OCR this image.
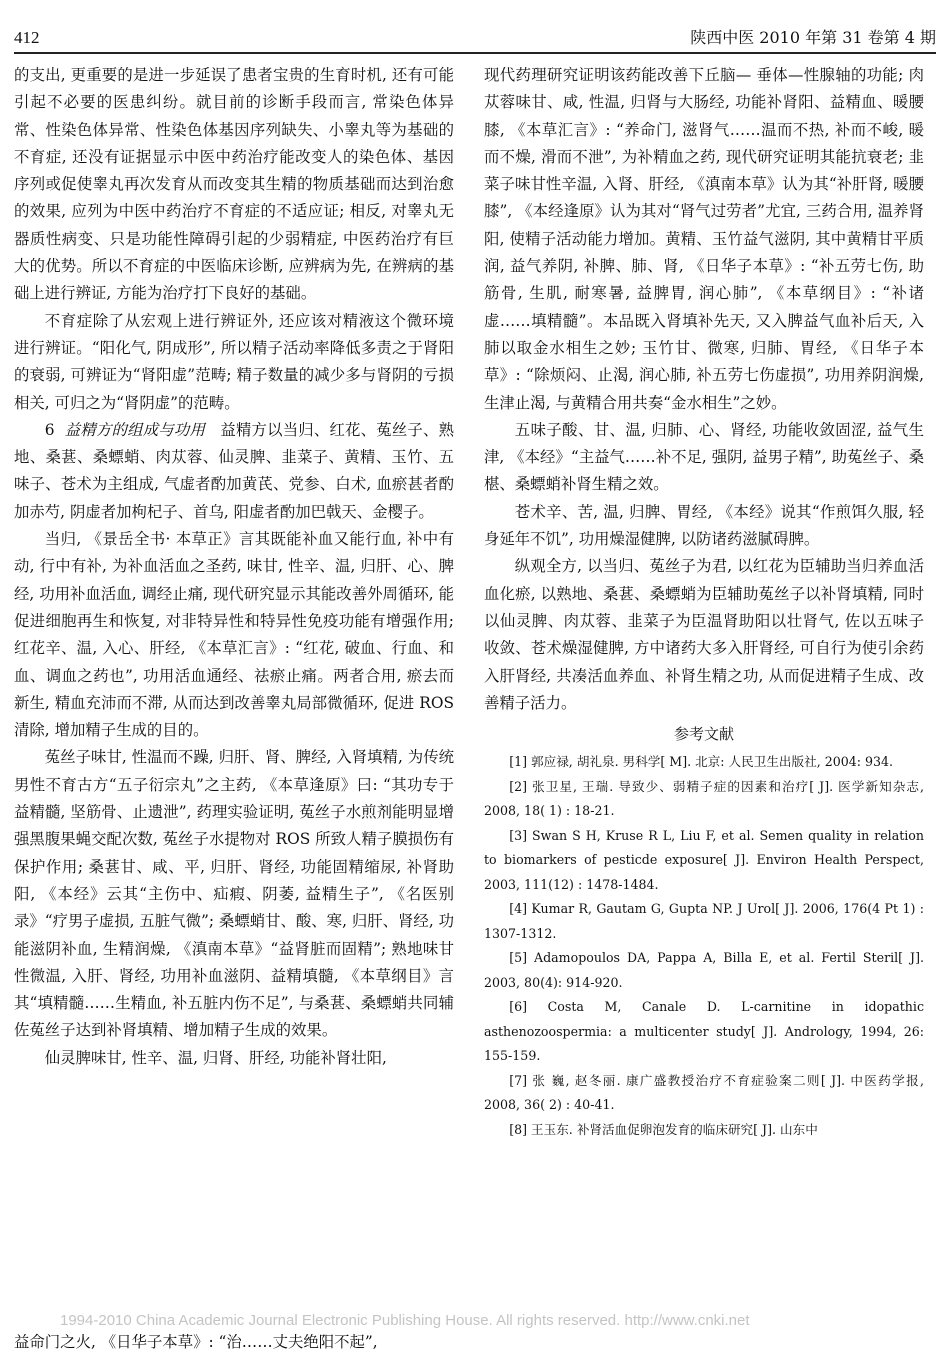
412	陕西中医 2010 年第 31 卷第 4 期

的支出, 更重要的是进一步延误了患者宝贵的生育时机, 还有可能引起不必要的医患纠纷。就目前的诊断手段而言, 常染色体异常、性染色体异常、性染色体基因序列缺失、小睾丸等为基础的不育症, 还没有证据显示中医中药治疗能改变人的染色体、基因序列或促使睾丸再次发育从而改变其生精的物质基础而达到治愈的效果, 应列为中医中药治疗不育症的不适应证; 相反, 对睾丸无器质性病变、只是功能性障碍引起的少弱精症, 中医药治疗有巨大的优势。所以不育症的中医临床诊断, 应辨病为先, 在辨病的基础上进行辨证, 方能为治疗打下良好的基础。

不育症除了从宏观上进行辨证外, 还应该对精液这个微环境进行辨证。“阳化气, 阴成形”, 所以精子活动率降低多责之于肾阳的衰弱, 可辨证为“肾阳虚”范畴; 精子数量的减少多与肾阴的亏损相关, 可归之为“肾阴虚”的范畴。

6 益精方的组成与功用 益精方以当归、红花、菟丝子、熟地、桑葚、桑螵蛸、肉苁蓉、仙灵脾、韭菜子、黄精、玉竹、五味子、苍术为主组成, 气虚者酌加黄芪、党参、白术, 血瘀甚者酌加赤芍, 阴虚者加枸杞子、首乌, 阳虚者酌加巴戟天、金樱子。

当归, 《景岳全书· 本草正》言其既能补血又能行血, 补中有动, 行中有补, 为补血活血之圣药, 味甘, 性辛、温, 归肝、心、脾经, 功用补血活血, 调经止痛, 现代研究显示其能改善外周循环, 能促进细胞再生和恢复, 对非特异性和特异性免疫功能有增强作用; 红花辛、温, 入心、肝经, 《本草汇言》: “红花, 破血、行血、和血、调血之药也”, 功用活血通经、祛瘀止痛。两者合用, 瘀去而新生, 精血充沛而不滞, 从而达到改善睾丸局部微循环, 促进 ROS 清除, 增加精子生成的目的。

菟丝子味甘, 性温而不躁, 归肝、肾、脾经, 入肾填精, 为传统男性不育古方“五子衍宗丸”之主药, 《本草逢原》曰: “其功专于益精髓, 坚筋骨、止遗泄”, 药理实验证明, 菟丝子水煎剂能明显增强黑腹果蝇交配次数, 菟丝子水提物对 ROS 所致人精子膜损伤有保护作用; 桑葚甘、咸、平, 归肝、肾经, 功能固精缩尿, 补肾助阳, 《本经》云其“主伤中、疝瘕、阴萎, 益精生子”, 《名医别录》“疗男子虚损, 五脏气微”; 桑螵蛸甘、酸、寒, 归肝、肾经, 功能滋阴补血, 生精润燥, 《滇南本草》“益肾脏而固精”; 熟地味甘性微温, 入肝、肾经, 功用补血滋阴、益精填髓, 《本草纲目》言其“填精髓……生精血, 补五脏内伤不足”, 与桑葚、桑螵蛸共同辅佐菟丝子达到补肾填精、增加精子生成的效果。

仙灵脾味甘, 性辛、温, 归肾、肝经, 功能补肾壮阳,

现代药理研究证明该药能改善下丘脑— 垂体—性腺轴的功能; 肉苁蓉味甘、咸, 性温, 归肾与大肠经, 功能补肾阳、益精血、暖腰膝, 《本草汇言》: “养命门, 滋肾气……温而不热, 补而不峻, 暖而不燥, 滑而不泄”, 为补精血之药, 现代研究证明其能抗衰老; 韭菜子味甘性辛温, 入肾、肝经, 《滇南本草》认为其“补肝肾, 暖腰膝”, 《本经逢原》认为其对“肾气过劳者”尤宜, 三药合用, 温养肾阳, 使精子活动能力增加。黄精、玉竹益气滋阴, 其中黄精甘平质润, 益气养阴, 补脾、肺、肾, 《日华子本草》: “补五劳七伤, 助筋骨, 生肌, 耐寒暑, 益脾胃, 润心肺”, 《本草纲目》: “补诸虚……填精髓”。本品既入肾填补先天, 又入脾益气血补后天, 入肺以取金水相生之妙; 玉竹甘、微寒, 归肺、胃经, 《日华子本草》: “除烦闷、止渴, 润心肺, 补五劳七伤虚损”, 功用养阴润燥, 生津止渴, 与黄精合用共奏“金水相生”之妙。

五味子酸、甘、温, 归肺、心、肾经, 功能收敛固涩, 益气生津, 《本经》“主益气……补不足, 强阴, 益男子精”, 助菟丝子、桑椹、桑螵蛸补肾生精之效。

苍术辛、苦, 温, 归脾、胃经, 《本经》说其“作煎饵久服, 轻身延年不饥”, 功用燥湿健脾, 以防诸药滋腻碍脾。

纵观全方, 以当归、菟丝子为君, 以红花为臣辅助当归养血活血化瘀, 以熟地、桑葚、桑螵蛸为臣辅助菟丝子以补肾填精, 同时以仙灵脾、肉苁蓉、韭菜子为臣温肾助阳以壮肾气, 佐以五味子收敛、苍术燥湿健脾, 方中诸药大多入肝肾经, 可自行为使引余药入肝肾经, 共凑活血养血、补肾生精之功, 从而促进精子生成、改善精子活力。

参考文献

[1] 郭应禄, 胡礼泉. 男科学[ M]. 北京: 人民卫生出版社, 2004: 934.

[2] 张卫星, 王瑞. 导致少、弱精子症的因素和治疗[ J]. 医学新知杂志, 2008, 18( 1) : 18-21.

[3] Swan S H, Kruse R L, Liu F, et al. Semen quality in relation to biomarkers of pesticde exposure[ J]. Environ Health Perspect, 2003, 111(12) : 1478-1484.

[4] Kumar R, Gautam G, Gupta NP. J Urol[ J]. 2006, 176(4 Pt 1) : 1307-1312.

[5] Adamopoulos DA, Pappa A, Billa E, et al. Fertil Steril[ J]. 2003, 80(4): 914-920.

[6] Costa M, Canale D. L-carnitine in idopathic asthenozoospermia: a multicenter study[ J]. Andrology, 1994, 26: 155-159.

[7] 张 巍, 赵冬丽. 康广盛教授治疗不育症验案二则[ J]. 中医药学报, 2008, 36( 2) : 40-41.

[8] 王玉东. 补肾活血促卵泡发育的临床研究[ J]. 山东中

1994-2010 China Academic Journal Electronic Publishing House. All rights reserved. http://www.cnki.net
益命门之火, 《日华子本草》: “治……丈夫绝阳不起”,
